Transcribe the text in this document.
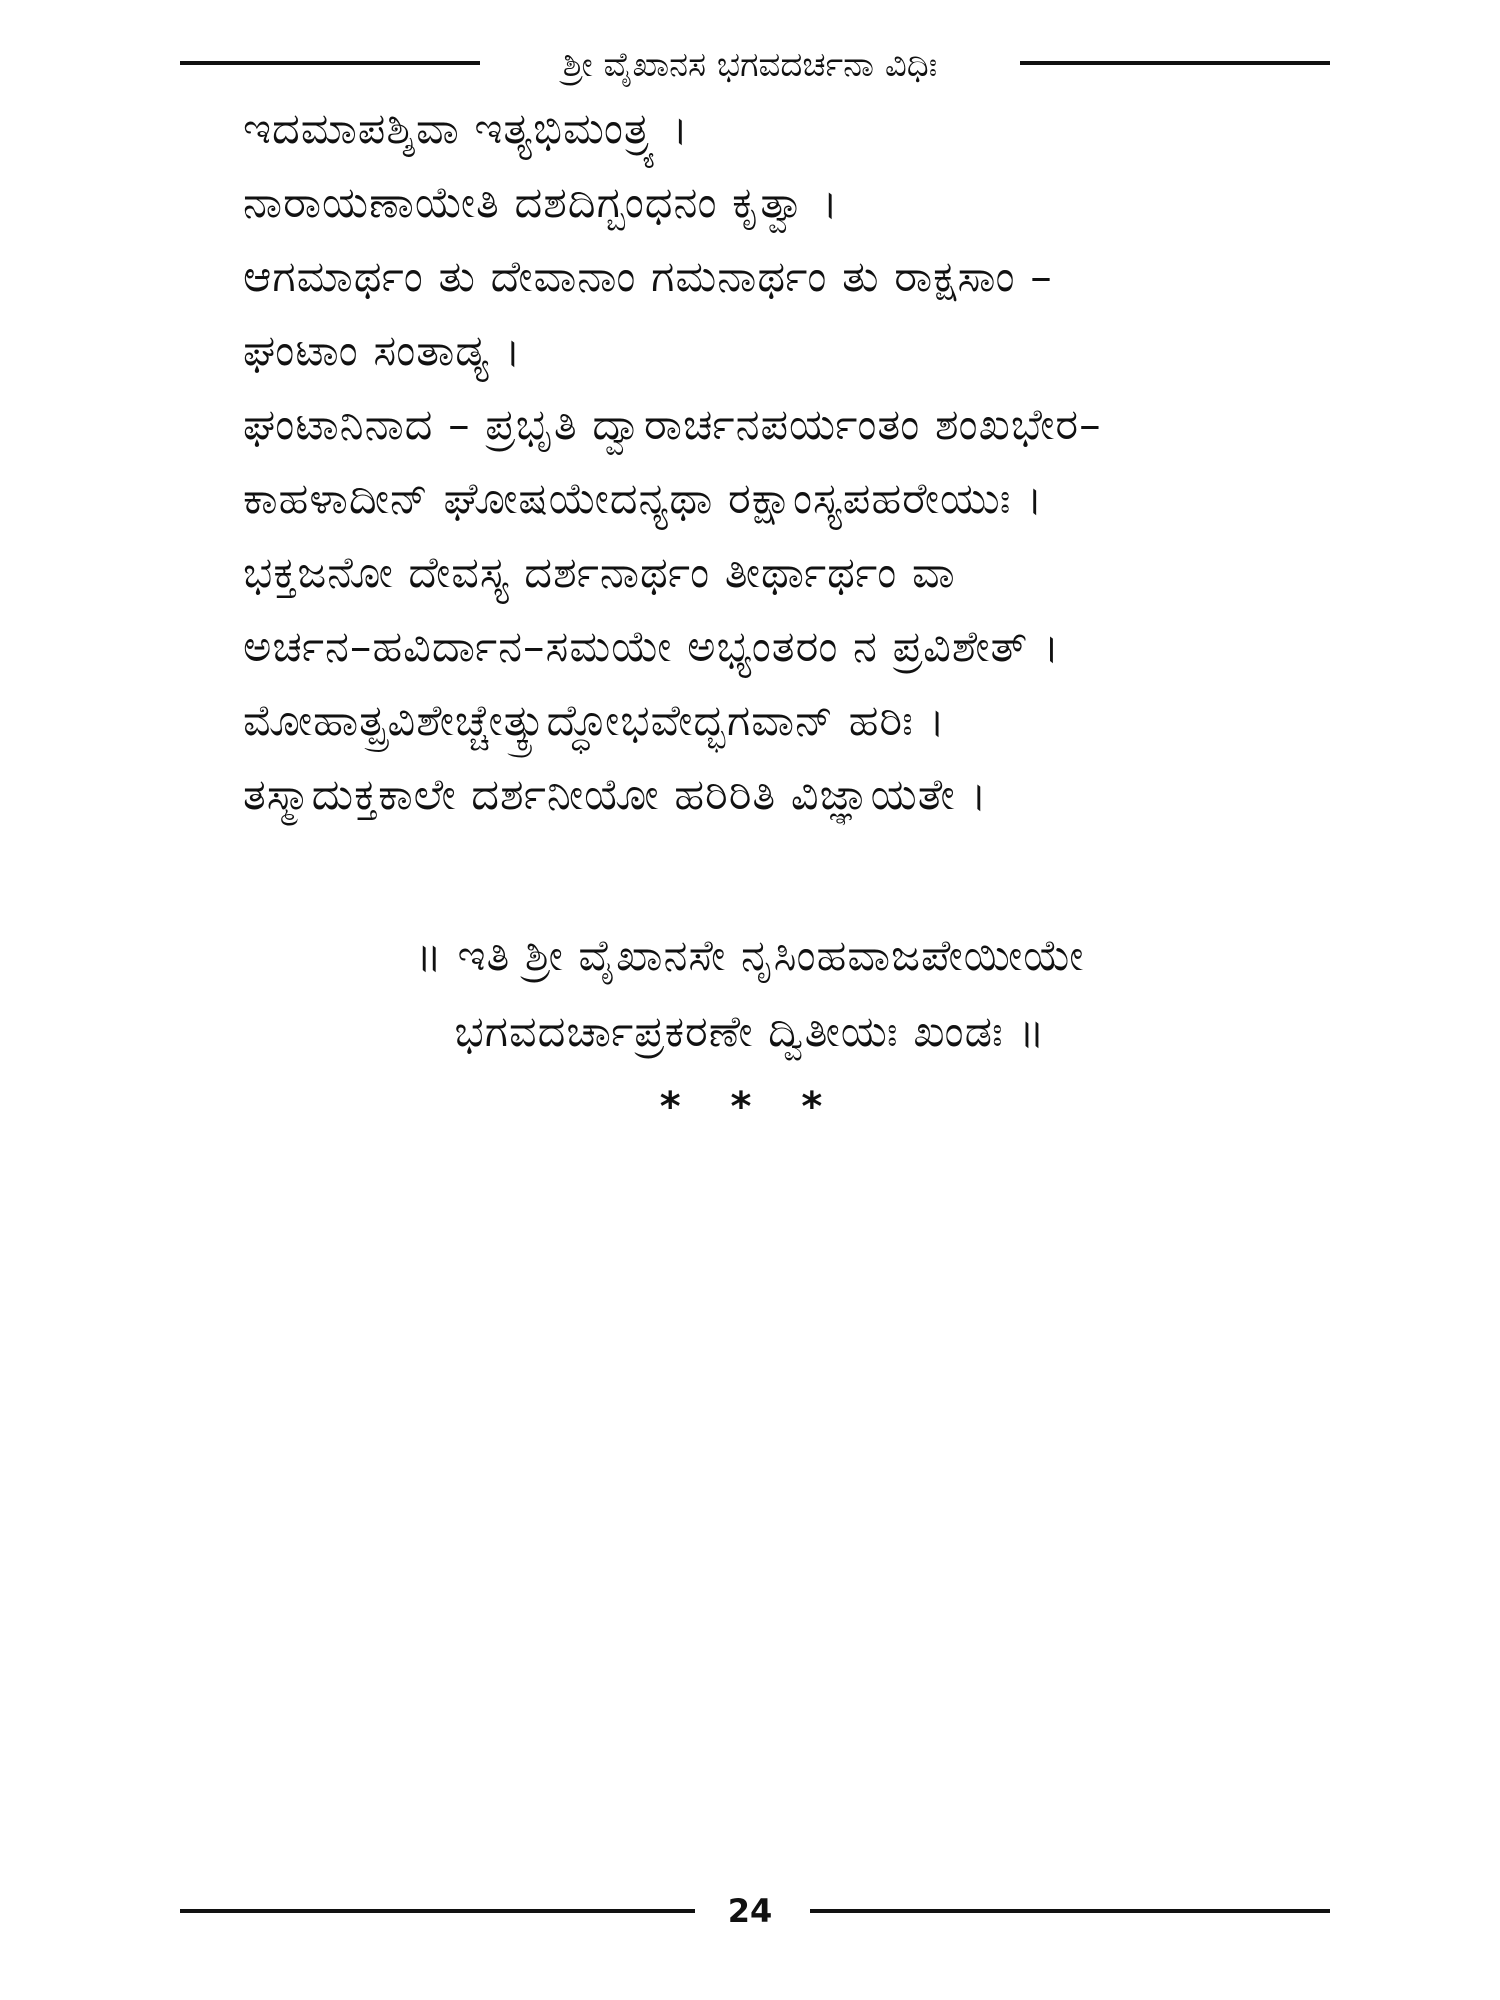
ಶ್ರೀ ವೈಖಾನಸ ಭಗವದರ್ಚನಾ ವಿಧಿಃ
ಇದಮಾಪಶ್ಶಿವಾ ಇತ್ಯಭಿಮಂತ್ರ್ಯ ।
ನಾರಾಯಣಾಯೇತಿ ದಶದಿಗ್ಬಂಧನಂ ಕೃತ್ವಾ ।
ಆಗಮಾರ್ಥಂ ತು ದೇವಾನಾಂ ಗಮನಾರ್ಥಂ ತು ರಾಕ್ಷಸಾಂ –
ಘಂಟಾಂ ಸಂತಾಡ್ಯ ।
ಘಂಟಾನಿನಾದ – ಪ್ರಭೃತಿ ದ್ವಾರಾರ್ಚನಪರ್ಯಂತಂ ಶಂಖಭೇರ–
ಕಾಹಳಾದೀನ್ ಘೋಷಯೇದನ್ಯಥಾ ರಕ್ಷಾಂಸ್ಯಪಹರೇಯುಃ ।
ಭಕ್ತಜನೋ ದೇವಸ್ಯ ದರ್ಶನಾರ್ಥಂ ತೀರ್ಥಾರ್ಥಂ ವಾ
ಅರ್ಚನ–ಹವಿರ್ದಾನ–ಸಮಯೇ ಅಭ್ಯಂತರಂ ನ ಪ್ರವಿಶೇತ್ ।
ಮೋಹಾತ್ಪ್ರವಿಶೇಚ್ಚೇತ್ಕ್ರುದ್ಧೋಭವೇದ್ಭಗವಾನ್ ಹರಿಃ ।
ತಸ್ಮಾದುಕ್ತಕಾಲೇ ದರ್ಶನೀಯೋ ಹರಿರಿತಿ ವಿಜ್ಞಾಯತೇ ।
॥ ಇತಿ ಶ್ರೀ ವೈಖಾನಸೇ ನೃಸಿಂಹವಾಜಪೇಯೀಯೇ
ಭಗವದರ್ಚಾಪ್ರಕರಣೇ ದ್ವಿತೀಯಃ ಖಂಡಃ ॥
* * *
24
